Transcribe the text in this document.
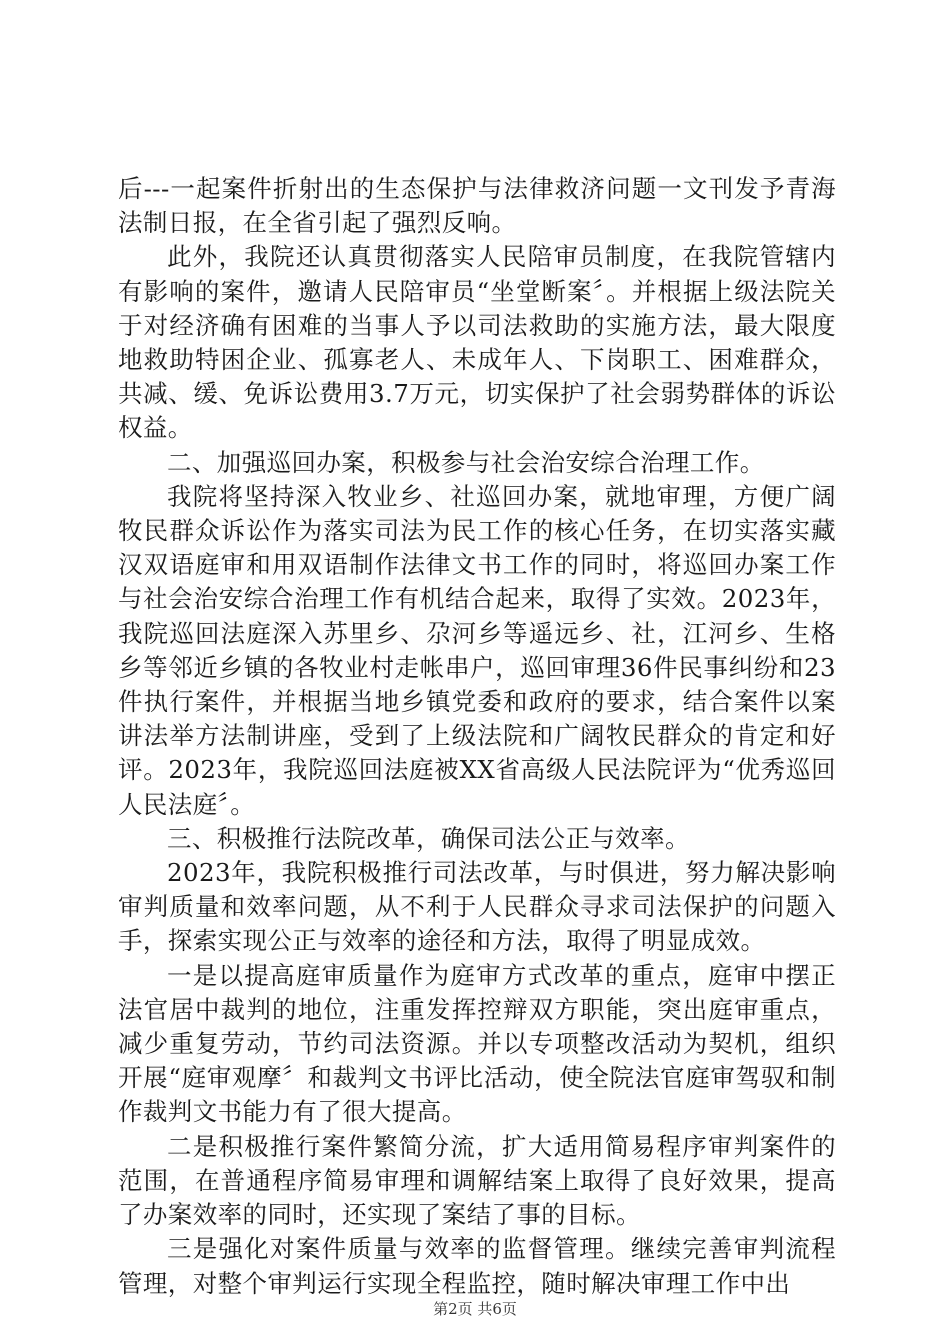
后---一起案件折射出的生态保护与法律救济问题一文刊发予青海法制日报，在全省引起了强烈反响。

此外，我院还认真贯彻落实人民陪审员制度，在我院管辖内有影响的案件，邀请人民陪审员“坐堂断案〞。并根据上级法院关于对经济确有困难的当事人予以司法救助的实施方法，最大限度地救助特困企业、孤寡老人、未成年人、下岗职工、困难群众，共减、缓、免诉讼费用3.7万元，切实保护了社会弱势群体的诉讼权益。

二、加强巡回办案，积极参与社会治安综合治理工作。

我院将坚持深入牧业乡、社巡回办案，就地审理，方便广阔牧民群众诉讼作为落实司法为民工作的核心任务，在切实落实藏汉双语庭审和用双语制作法律文书工作的同时，将巡回办案工作与社会治安综合治理工作有机结合起来，取得了实效。2023年，我院巡回法庭深入苏里乡、尕河乡等遥远乡、社，江河乡、生格乡等邻近乡镇的各牧业村走帐串户，巡回审理36件民事纠纷和23件执行案件，并根据当地乡镇党委和政府的要求，结合案件以案讲法举方法制讲座，受到了上级法院和广阔牧民群众的肯定和好评。2023年，我院巡回法庭被XX省高级人民法院评为“优秀巡回人民法庭〞。

三、积极推行法院改革，确保司法公正与效率。

2023年，我院积极推行司法改革，与时俱进，努力解决影响审判质量和效率问题，从不利于人民群众寻求司法保护的问题入手，探索实现公正与效率的途径和方法，取得了明显成效。

一是以提高庭审质量作为庭审方式改革的重点，庭审中摆正法官居中裁判的地位，注重发挥控辩双方职能，突出庭审重点，减少重复劳动，节约司法资源。并以专项整改活动为契机，组织开展“庭审观摩〞和裁判文书评比活动，使全院法官庭审驾驭和制作裁判文书能力有了很大提高。

二是积极推行案件繁简分流，扩大适用简易程序审判案件的范围，在普通程序简易审理和调解结案上取得了良好效果，提高了办案效率的同时，还实现了案结了事的目标。

三是强化对案件质量与效率的监督管理。继续完善审判流程管理，对整个审判运行实现全程监控，随时解决审理工作中出

第2页 共6页
